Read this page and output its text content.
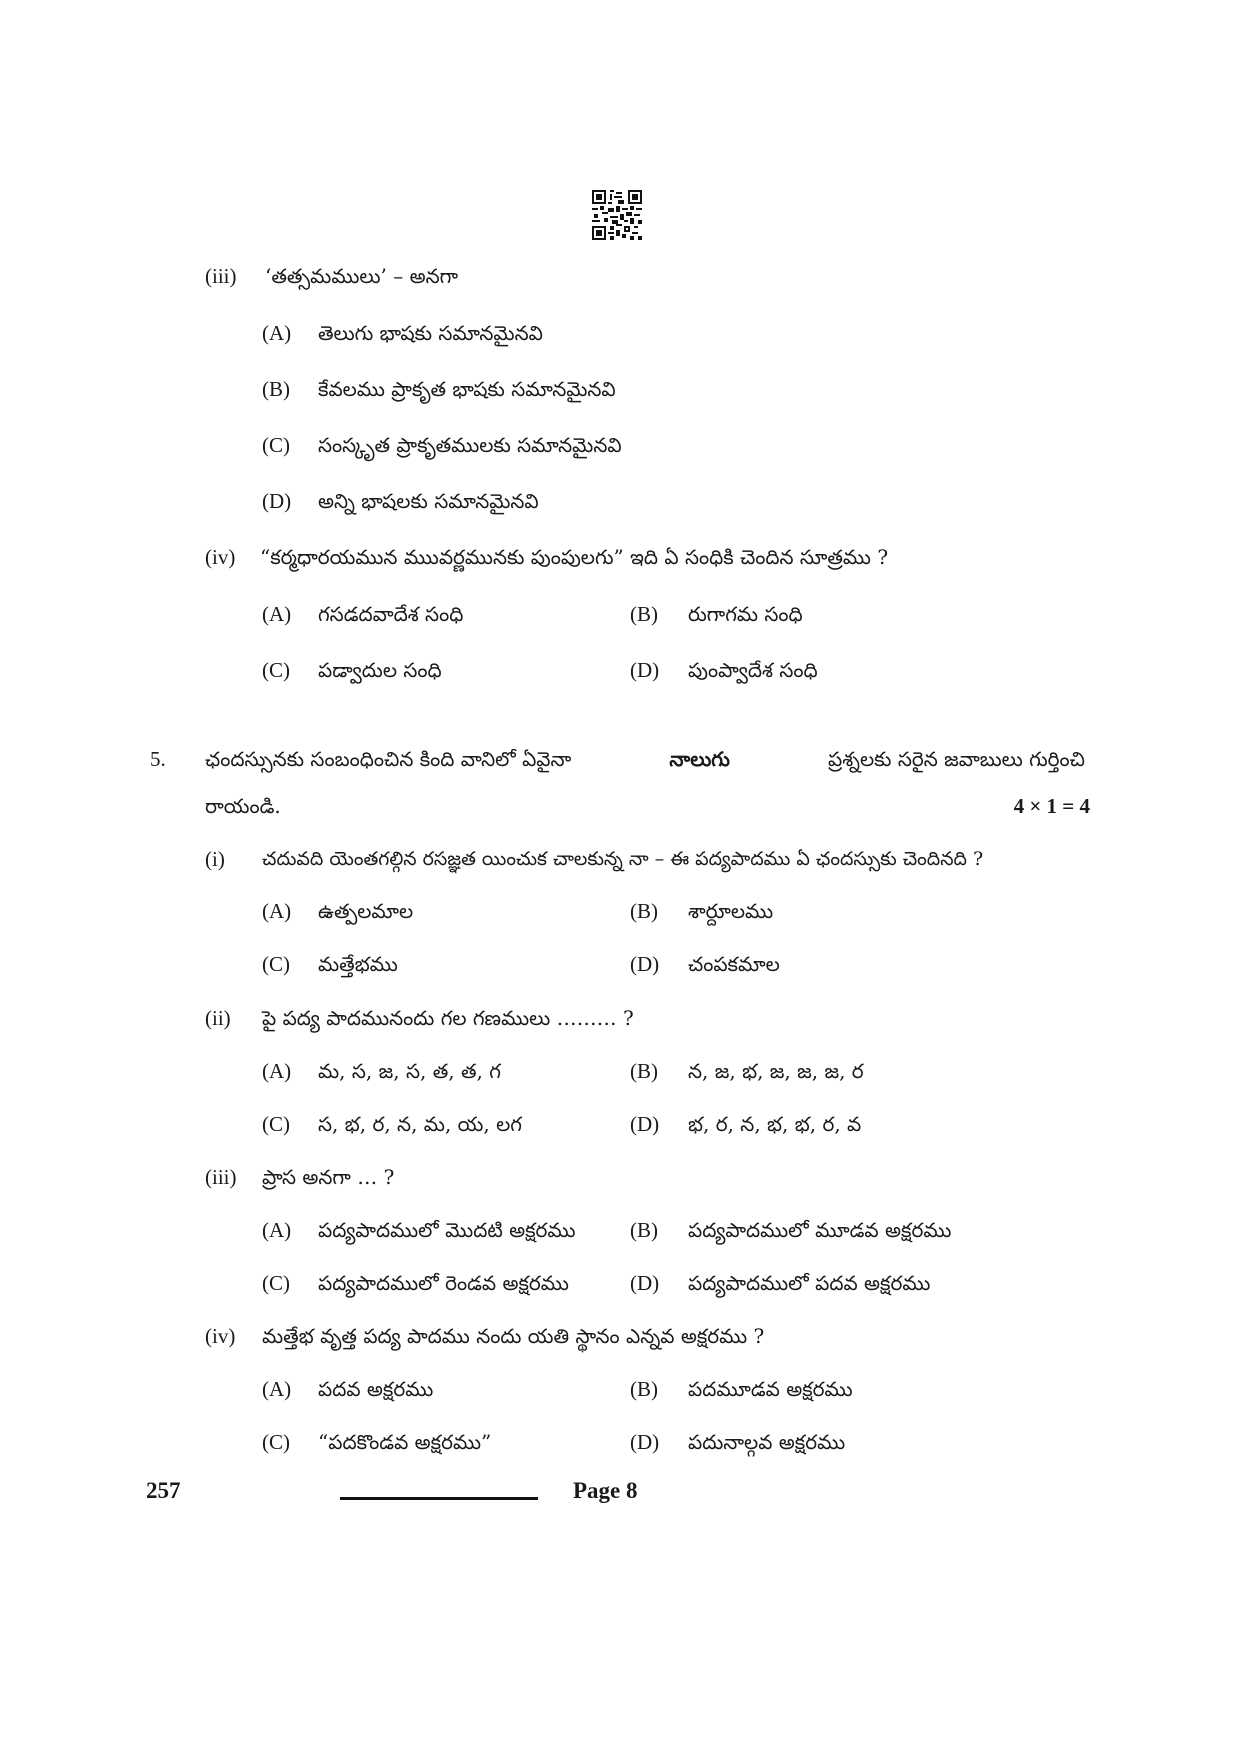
(iii) ‘తత్సమములు’ – అనగా
(A) తెలుగు భాషకు సమానమైనవి
(B) కేవలము ప్రాకృత భాషకు సమానమైనవి
(C) సంస్కృత ప్రాకృతములకు సమానమైనవి
(D) అన్ని భాషలకు సమానమైనవి
(iv) “కర్మధారయమున ముువర్ణమునకు పుంపులగు” ఇది ఏ సంధికి చెందిన సూత్రము ?
(A) గసడదవాదేశ సంధి	(B) రుగాగమ సంధి
(C) పడ్వాదుల సంధి	(D) పుంప్వాదేశ సంధి
5. ఛందస్సునకు సంబంధించిన కింది వానిలో ఏవైనా	నాలుగు	ప్రశ్నలకు సరైన జవాబులు గుర్తించి
రాయండి.	4 × 1 = 4
(i) చదువది యెంతగల్గిన రసజ్ఞత యించుక చాలకున్న నా – ఈ పద్యపాదము ఏ ఛందస్సుకు చెందినది ?
(A) ఉత్పలమాల	(B) శార్దూలము
(C) మత్తేభము	(D) చంపకమాల
(ii) పై పద్య పాదమునందు గల గణములు ……… ?
(A) మ, స, జ, స, త, త, గ	(B) న, జ, భ, జ, జ, జ, ర
(C) స, భ, ర, న, మ, య, లగ	(D) భ, ర, న, భ, భ, ర, వ
(iii) ప్రాస అనగా … ?
(A) పద్యపాదములో మొదటి అక్షరము	(B) పద్యపాదములో మూడవ అక్షరము
(C) పద్యపాదములో రెండవ అక్షరము	(D) పద్యపాదములో పదవ అక్షరము
(iv) మత్తేభ వృత్త పద్య పాదము నందు యతి స్థానం ఎన్నవ అక్షరము ?
(A) పదవ అక్షరము	(B) పదమూడవ అక్షరము
(C) “పదకొండవ అక్షరము”	(D) పదునాల్గవ అక్షరము
257	Page 8
